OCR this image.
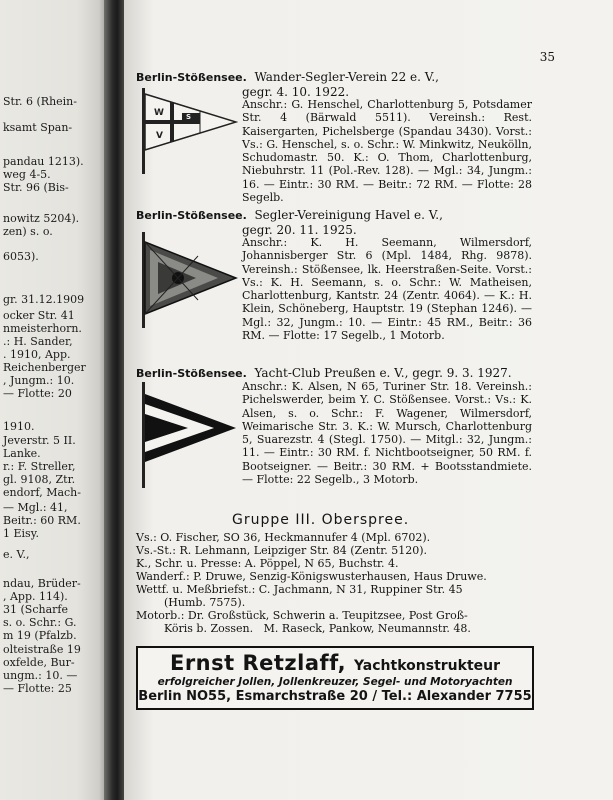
Str. 6 (Rhein-
ksamt Span-
pandau 1213).
weg 4-5.
Str. 96 (Bis-
nowitz 5204).
zen) s. o.
6053).
gr. 31.12.1909
ocker Str. 41
nmeisterhorn.
.: H. Sander,
. 1910, App.
Reichenberger
, Jungm.: 10.
— Flotte: 20
1910.
Jeverstr. 5 II.
Lanke.
r.: F. Streller,
gl. 9108, Ztr.
endorf, Mach-
— Mgl.: 41,
Beitr.: 60 RM.
1 Eisy.
e. V.,
ndau, Brüder-
, App. 114).
31 (Scharfe
s. o. Schr.: G.
m 19 (Pfalzb.
olteistraße 19
oxfelde, Bur-
ungm.: 10. —
— Flotte: 25
35
Berlin-Stößensee. Wander-Segler-Verein 22 e. V.,
gegr. 4. 10. 1922.
Anschr.: G. Henschel, Charlottenburg 5, Potsdamer Str. 4 (Bärwald 5511). Vereinsh.: Rest. Kaisergarten, Pichelsberge (Spandau 3430). Vorst.: Vs.: G. Henschel, s. o. Schr.: W. Minkwitz, Neukölln, Schudomastr. 50. K.: O. Thom, Charlottenburg, Niebuhrstr. 11 (Pol.-Rev. 128). — Mgl.: 34, Jungm.: 16. — Eintr.: 30 RM. — Beitr.: 72 RM. — Flotte: 28 Segelb.
W	S
V
Berlin-Stößensee. Segler-Vereinigung Havel e. V.,
gegr. 20. 11. 1925.
Anschr.: K. H. Seemann, Wilmersdorf, Johannisberger Str. 6 (Mpl. 1484, Rhg. 9878). Vereinsh.: Stößensee, lk. Heerstraßen-Seite. Vorst.: Vs.: K. H. Seemann, s. o. Schr.: W. Matheisen, Charlottenburg, Kantstr. 24 (Zentr. 4064). — K.: H. Klein, Schöneberg, Hauptstr. 19 (Stephan 1246). — Mgl.: 32, Jungm.: 10. — Eintr.: 45 RM., Beitr.: 36 RM. — Flotte: 17 Segelb., 1 Motorb.
Berlin-Stößensee. Yacht-Club Preußen e. V., gegr. 9. 3. 1927.
Anschr.: K. Alsen, N 65, Turiner Str. 18. Vereinsh.: Pichelswerder, beim Y. C. Stößensee. Vorst.: Vs.: K. Alsen, s. o. Schr.: F. Wagener, Wilmersdorf, Weimarische Str. 3. K.: W. Mursch, Charlottenburg 5, Suarezstr. 4 (Stegl. 1750). — Mitgl.: 32, Jungm.: 11. — Eintr.: 30 RM. f. Nichtbootseigner, 50 RM. f. Bootseigner. — Beitr.: 30 RM. + Bootsstandmiete. — Flotte: 22 Segelb., 3 Motorb.
Gruppe III. Oberspree.
Vs.: O. Fischer, SO 36, Heckmannufer 4 (Mpl. 6702).
Vs.-St.: R. Lehmann, Leipziger Str. 84 (Zentr. 5120).
K., Schr. u. Presse: A. Pöppel, N 65, Buchstr. 4.
Wanderf.: P. Druwe, Senzig-Königswusterhausen, Haus Druwe.
Wettf. u. Meßbriefst.: C. Jachmann, N 31, Ruppiner Str. 45
(Humb. 7575).
Motorb.: Dr. Großstück, Schwerin a. Teupitzsee, Post Groß-
Köris b. Zossen.   M. Raseck, Pankow, Neumannstr. 48.
Ernst Retzlaff, Yachtkonstrukteur
erfolgreicher Jollen, Jollenkreuzer, Segel- und Motoryachten
Berlin NO55, Esmarchstraße 20 / Tel.: Alexander 7755
